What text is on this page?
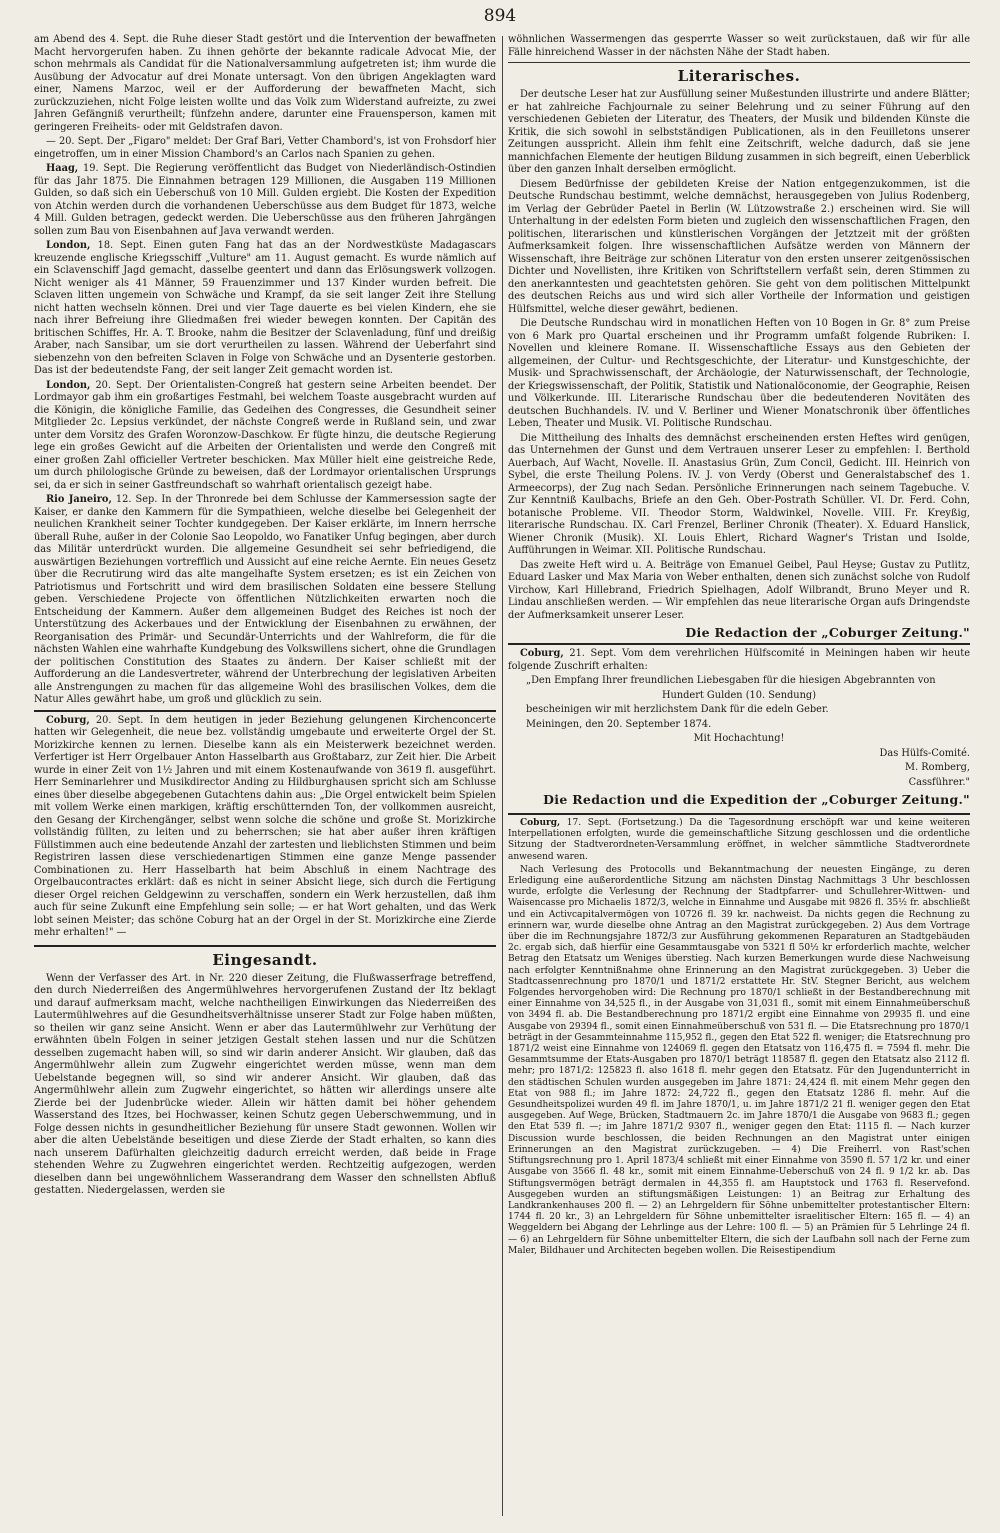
894

am Abend des 4. Sept. die Ruhe dieser Stadt gestört und die Intervention der bewaffneten Macht hervorgerufen haben. Zu ihnen gehörte der bekannte radicale Advocat Mie, der schon mehrmals als Candidat für die Nationalversammlung aufgetreten ist; ihm wurde die Ausübung der Advocatur auf drei Monate untersagt. Von den übrigen Angeklagten ward einer, Namens Marzoc, weil er der Aufforderung der bewaffneten Macht, sich zurückzuziehen, nicht Folge leisten wollte und das Volk zum Widerstand aufreizte, zu zwei Jahren Gefängniß verurtheilt; fünfzehn andere, darunter eine Frauensperson, kamen mit geringeren Freiheits- oder mit Geldstrafen davon.

— 20. Sept. Der „Figaro" meldet: Der Graf Bari, Vetter Chambord's, ist von Frohsdorf hier eingetroffen, um in einer Mission Chambord's an Carlos nach Spanien zu gehen.

Haag, 19. Sept. Die Regierung veröffentlicht das Budget von Niederländisch-Ostindien für das Jahr 1875. Die Einnahmen betragen 129 Millionen, die Ausgaben 119 Millionen Gulden, so daß sich ein Ueberschuß von 10 Mill. Gulden ergiebt. Die Kosten der Expedition von Atchin werden durch die vorhandenen Ueberschüsse aus dem Budget für 1873, welche 4 Mill. Gulden betragen, gedeckt werden. Die Ueberschüsse aus den früheren Jahrgängen sollen zum Bau von Eisenbahnen auf Java verwandt werden.

London, 18. Sept. Einen guten Fang hat das an der Nordwestküste Madagascars kreuzende englische Kriegsschiff „Vulture" am 11. August gemacht. Es wurde nämlich auf ein Sclavenschiff Jagd gemacht, dasselbe geentert und dann das Erlösungswerk vollzogen. Nicht weniger als 41 Männer, 59 Frauenzimmer und 137 Kinder wurden befreit. Die Sclaven litten ungemein von Schwäche und Krampf, da sie seit langer Zeit ihre Stellung nicht hatten wechseln können. Drei und vier Tage dauerte es bei vielen Kindern, ehe sie nach ihrer Befreiung ihre Gliedmaßen frei wieder bewegen konnten. Der Capitän des britischen Schiffes, Hr. A. T. Brooke, nahm die Besitzer der Sclavenladung, fünf und dreißig Araber, nach Sansibar, um sie dort verurtheilen zu lassen. Während der Ueberfahrt sind siebenzehn von den befreiten Sclaven in Folge von Schwäche und an Dysenterie gestorben. Das ist der bedeutendste Fang, der seit langer Zeit gemacht worden ist.

London, 20. Sept. Der Orientalisten-Congreß hat gestern seine Arbeiten beendet. Der Lordmayor gab ihm ein großartiges Festmahl, bei welchem Toaste ausgebracht wurden auf die Königin, die königliche Familie, das Gedeihen des Congresses, die Gesundheit seiner Mitglieder 2c. Lepsius verkündet, der nächste Congreß werde in Rußland sein, und zwar unter dem Vorsitz des Grafen Woronzow-Daschkow. Er fügte hinzu, die deutsche Regierung lege ein großes Gewicht auf die Arbeiten der Orientalisten und werde den Congreß mit einer großen Zahl officieller Vertreter beschicken. Max Müller hielt eine geistreiche Rede, um durch philologische Gründe zu beweisen, daß der Lordmayor orientalischen Ursprungs sei, da er sich in seiner Gastfreundschaft so wahrhaft orientalisch gezeigt habe.

Rio Janeiro, 12. Sep. In der Thronrede bei dem Schlusse der Kammersession sagte der Kaiser, er danke den Kammern für die Sympathieen, welche dieselbe bei Gelegenheit der neulichen Krankheit seiner Tochter kundgegeben. Der Kaiser erklärte, im Innern herrsche überall Ruhe, außer in der Colonie Sao Leopoldo, wo Fanatiker Unfug begingen, aber durch das Militär unterdrückt wurden. Die allgemeine Gesundheit sei sehr befriedigend, die auswärtigen Beziehungen vortrefflich und Aussicht auf eine reiche Aernte. Ein neues Gesetz über die Recrutirung wird das alte mangelhafte System ersetzen; es ist ein Zeichen von Patriotismus und Fortschritt und wird dem brasilischen Soldaten eine bessere Stellung geben. Verschiedene Projecte von öffentlichen Nützlichkeiten erwarten noch die Entscheidung der Kammern. Außer dem allgemeinen Budget des Reiches ist noch der Unterstützung des Ackerbaues und der Entwicklung der Eisenbahnen zu erwähnen, der Reorganisation des Primär- und Secundär-Unterrichts und der Wahlreform, die für die nächsten Wahlen eine wahrhafte Kundgebung des Volkswillens sichert, ohne die Grundlagen der politischen Constitution des Staates zu ändern. Der Kaiser schließt mit der Aufforderung an die Landesvertreter, während der Unterbrechung der legislativen Arbeiten alle Anstrengungen zu machen für das allgemeine Wohl des brasilischen Volkes, dem die Natur Alles gewährt habe, um groß und glücklich zu sein.

Coburg, 20. Sept. In dem heutigen in jeder Beziehung gelungenen Kirchenconcerte hatten wir Gelegenheit, die neue bez. vollständig umgebaute und erweiterte Orgel der St. Morizkirche kennen zu lernen. Dieselbe kann als ein Meisterwerk bezeichnet werden. Verfertiger ist Herr Orgelbauer Anton Hasselbarth aus Großtabarz, zur Zeit hier. Die Arbeit wurde in einer Zeit von 1½ Jahren und mit einem Kostenaufwande von 3619 fl. ausgeführt. Herr Seminarlehrer und Musikdirector Anding zu Hildburghausen spricht sich am Schlusse eines über dieselbe abgegebenen Gutachtens dahin aus: „Die Orgel entwickelt beim Spielen mit vollem Werke einen markigen, kräftig erschütternden Ton, der vollkommen ausreicht, den Gesang der Kirchengänger, selbst wenn solche die schöne und große St. Morizkirche vollständig füllten, zu leiten und zu beherrschen; sie hat aber außer ihren kräftigen Füllstimmen auch eine bedeutende Anzahl der zartesten und lieblichsten Stimmen und beim Registriren lassen diese verschiedenartigen Stimmen eine ganze Menge passender Combinationen zu. Herr Hasselbarth hat beim Abschluß in einem Nachtrage des Orgelbaucontractes erklärt: daß es nicht in seiner Absicht liege, sich durch die Fertigung dieser Orgel reichen Geldgewinn zu verschaffen, sondern ein Werk herzustellen, daß ihm auch für seine Zukunft eine Empfehlung sein solle; — er hat Wort gehalten, und das Werk lobt seinen Meister; das schöne Coburg hat an der Orgel in der St. Morizkirche eine Zierde mehr erhalten!" —

Eingesandt.

Wenn der Verfasser des Art. in Nr. 220 dieser Zeitung, die Flußwasserfrage betreffend, den durch Niederreißen des Angermühlwehres hervorgerufenen Zustand der Itz beklagt und darauf aufmerksam macht, welche nachtheiligen Einwirkungen das Niederreißen des Lautermühlwehres auf die Gesundheitsverhältnisse unserer Stadt zur Folge haben müßten, so theilen wir ganz seine Ansicht. Wenn er aber das Lautermühlwehr zur Verhütung der erwähnten übeln Folgen in seiner jetzigen Gestalt stehen lassen und nur die Schützen desselben zugemacht haben will, so sind wir darin anderer Ansicht. Wir glauben, daß das Angermühlwehr allein zum Zugwehr eingerichtet werden müsse, wenn man dem Uebelstande begegnen will, so sind wir anderer Ansicht. Wir glauben, daß das Angermühlwehr allein zum Zugwehr eingerichtet, so hätten wir allerdings unsere alte Zierde bei der Judenbrücke wieder. Allein wir hätten damit bei höher gehendem Wasserstand des Itzes, bei Hochwasser, keinen Schutz gegen Ueberschwemmung, und in Folge dessen nichts in gesundheitlicher Beziehung für unsere Stadt gewonnen. Wollen wir aber die alten Uebelstände beseitigen und diese Zierde der Stadt erhalten, so kann dies nach unserem Dafürhalten gleichzeitig dadurch erreicht werden, daß beide in Frage stehenden Wehre zu Zugwehren eingerichtet werden. Rechtzeitig aufgezogen, werden dieselben dann bei ungewöhnlichem Wasserandrang dem Wasser den schnellsten Abfluß gestatten. Niedergelassen, werden sie

wöhnlichen Wassermengen das gesperrte Wasser so weit zurückstauen, daß wir für alle Fälle hinreichend Wasser in der nächsten Nähe der Stadt haben.

Literarisches.

Der deutsche Leser hat zur Ausfüllung seiner Mußestunden illustrirte und andere Blätter; er hat zahlreiche Fachjournale zu seiner Belehrung und zu seiner Führung auf den verschiedenen Gebieten der Literatur, des Theaters, der Musik und bildenden Künste die Kritik, die sich sowohl in selbstständigen Publicationen, als in den Feuilletons unserer Zeitungen ausspricht. Allein ihm fehlt eine Zeitschrift, welche dadurch, daß sie jene mannichfachen Elemente der heutigen Bildung zusammen in sich begreift, einen Ueberblick über den ganzen Inhalt derselben ermöglicht.

Diesem Bedürfnisse der gebildeten Kreise der Nation entgegenzukommen, ist die Deutsche Rundschau bestimmt, welche demnächst, herausgegeben von Julius Rodenberg, im Verlag der Gebrüder Paetel in Berlin (W. Lützowstraße 2.) erscheinen wird. Sie will Unterhaltung in der edelsten Form bieten und zugleich den wissenschaftlichen Fragen, den politischen, literarischen und künstlerischen Vorgängen der Jetztzeit mit der größten Aufmerksamkeit folgen. Ihre wissenschaftlichen Aufsätze werden von Männern der Wissenschaft, ihre Beiträge zur schönen Literatur von den ersten unserer zeitgenössischen Dichter und Novellisten, ihre Kritiken von Schriftstellern verfaßt sein, deren Stimmen zu den anerkanntesten und geachtetsten gehören. Sie geht von dem politischen Mittelpunkt des deutschen Reichs aus und wird sich aller Vortheile der Information und geistigen Hülfsmittel, welche dieser gewährt, bedienen.

Die Deutsche Rundschau wird in monatlichen Heften von 10 Bogen in Gr. 8° zum Preise von 6 Mark pro Quartal erscheinen und ihr Programm umfaßt folgende Rubriken: I. Novellen und kleinere Romane. II. Wissenschaftliche Essays aus den Gebieten der allgemeinen, der Cultur- und Rechtsgeschichte, der Literatur- und Kunstgeschichte, der Musik- und Sprachwissenschaft, der Archäologie, der Naturwissenschaft, der Technologie, der Kriegswissenschaft, der Politik, Statistik und Nationalöconomie, der Geographie, Reisen und Völkerkunde. III. Literarische Rundschau über die bedeutenderen Novitäten des deutschen Buchhandels. IV. und V. Berliner und Wiener Monatschronik über öffentliches Leben, Theater und Musik. VI. Politische Rundschau.

Die Mittheilung des Inhalts des demnächst erscheinenden ersten Heftes wird genügen, das Unternehmen der Gunst und dem Vertrauen unserer Leser zu empfehlen: I. Berthold Auerbach, Auf Wacht, Novelle. II. Anastasius Grün, Zum Concil, Gedicht. III. Heinrich von Sybel, die erste Theilung Polens. IV. J. von Verdy (Oberst und Generalstabschef des 1. Armeecorps), der Zug nach Sedan. Persönliche Erinnerungen nach seinem Tagebuche. V. Zur Kenntniß Kaulbachs, Briefe an den Geh. Ober-Postrath Schüller. VI. Dr. Ferd. Cohn, botanische Probleme. VII. Theodor Storm, Waldwinkel, Novelle. VIII. Fr. Kreyßig, literarische Rundschau. IX. Carl Frenzel, Berliner Chronik (Theater). X. Eduard Hanslick, Wiener Chronik (Musik). XI. Louis Ehlert, Richard Wagner's Tristan und Isolde, Aufführungen in Weimar. XII. Politische Rundschau.

Das zweite Heft wird u. A. Beiträge von Emanuel Geibel, Paul Heyse; Gustav zu Putlitz, Eduard Lasker und Max Maria von Weber enthalten, denen sich zunächst solche von Rudolf Virchow, Karl Hillebrand, Friedrich Spielhagen, Adolf Wilbrandt, Bruno Meyer und R. Lindau anschließen werden. — Wir empfehlen das neue literarische Organ aufs Dringendste der Aufmerksamkeit unserer Leser.

Die Redaction der „Coburger Zeitung."

Coburg, 21. Sept. Vom dem verehrlichen Hülfscomité in Meiningen haben wir heute folgende Zuschrift erhalten:

„Den Empfang Ihrer freundlichen Liebesgaben für die hiesigen Abgebrannten von

Hundert Gulden (10. Sendung)

bescheinigen wir mit herzlichstem Dank für die edeln Geber.

Meiningen, den 20. September 1874.

Mit Hochachtung!

Das Hülfs-Comité.

M. Romberg,

Cassführer."

Die Redaction und die Expedition der „Coburger Zeitung."

Coburg, 17. Sept. (Fortsetzung.) Da die Tagesordnung erschöpft war und keine weiteren Interpellationen erfolgten, wurde die gemeinschaftliche Sitzung geschlossen und die ordentliche Sitzung der Stadtverordneten-Versammlung eröffnet, in welcher sämmtliche Stadtverordnete anwesend waren.

Nach Verlesung des Protocolls und Bekanntmachung der neuesten Eingänge, zu deren Erledigung eine außerordentliche Sitzung am nächsten Dinstag Nachmittags 3 Uhr beschlossen wurde, erfolgte die Verlesung der Rechnung der Stadtpfarrer- und Schullehrer-Wittwen- und Waisencasse pro Michaelis 1872/3, welche in Einnahme und Ausgabe mit 9826 fl. 35½ fr. abschließt und ein Activcapitalvermögen von 10726 fl. 39 kr. nachweist. Da nichts gegen die Rechnung zu erinnern war, wurde dieselbe ohne Antrag an den Magistrat zurückgegeben. 2) Aus dem Vortrage über die im Rechnungsjahre 1872/3 zur Ausführung gekommenen Reparaturen an Stadtgebäuden 2c. ergab sich, daß hierfür eine Gesammtausgabe von 5321 fl 50½ kr erforderlich machte, welcher Betrag den Etatsatz um Weniges überstieg. Nach kurzen Bemerkungen wurde diese Nachweisung nach erfolgter Kenntnißnahme ohne Erinnerung an den Magistrat zurückgegeben. 3) Ueber die Stadtcassenrechnung pro 1870/1 und 1871/2 erstattete Hr. StV. Stegner Bericht, aus welchem Folgendes hervorgehoben wird: Die Rechnung pro 1870/1 schließt in der Bestandberechnung mit einer Einnahme von 34,525 fl., in der Ausgabe von 31,031 fl., somit mit einem Einnahmeüberschuß von 3494 fl. ab. Die Bestandberechnung pro 1871/2 ergibt eine Einnahme von 29935 fl. und eine Ausgabe von 29394 fl., somit einen Einnahmeüberschuß von 531 fl. — Die Etatsrechnung pro 1870/1 beträgt in der Gesammteinnahme 115,952 fl., gegen den Etat 522 fl. weniger; die Etatsrechnung pro 1871/2 weist eine Einnahme von 124069 fl. gegen den Etatsatz von 116,475 fl. = 7594 fl. mehr. Die Gesammtsumme der Etats-Ausgaben pro 1870/1 beträgt 118587 fl. gegen den Etatsatz also 2112 fl. mehr; pro 1871/2: 125823 fl. also 1618 fl. mehr gegen den Etatsatz. Für den Jugendunterricht in den städtischen Schulen wurden ausgegeben im Jahre 1871: 24,424 fl. mit einem Mehr gegen den Etat von 988 fl.; im Jahre 1872: 24,722 fl., gegen den Etatsatz 1286 fl. mehr. Auf die Gesundheitspolizei wurden 49 fl. im Jahre 1870/1, u. im Jahre 1871/2 21 fl. weniger gegen den Etat ausgegeben. Auf Wege, Brücken, Stadtmauern 2c. im Jahre 1870/1 die Ausgabe von 9683 fl.; gegen den Etat 539 fl. —; im Jahre 1871/2 9307 fl., weniger gegen den Etat: 1115 fl. — Nach kurzer Discussion wurde beschlossen, die beiden Rechnungen an den Magistrat unter einigen Erinnerungen an den Magistrat zurückzugeben. — 4) Die Freiherrl. von Rast'schen Stiftungsrechnung pro 1. April 1873/4 schließt mit einer Einnahme von 3590 fl. 57 1/2 kr. und einer Ausgabe von 3566 fl. 48 kr., somit mit einem Einnahme-Ueberschuß von 24 fl. 9 1/2 kr. ab. Das Stiftungsvermögen beträgt dermalen in 44,355 fl. am Hauptstock und 1763 fl. Reservefond. Ausgegeben wurden an stiftungsmäßigen Leistungen: 1) an Beitrag zur Erhaltung des Landkrankenhauses 200 fl. — 2) an Lehrgeldern für Söhne unbemittelter protestantischer Eltern: 1744 fl. 20 kr., 3) an Lehrgeldern für Söhne unbemittelter israelitischer Eltern: 165 fl. — 4) an Weggeldern bei Abgang der Lehrlinge aus der Lehre: 100 fl. — 5) an Prämien für 5 Lehrlinge 24 fl. — 6) an Lehrgeldern für Söhne unbemittelter Eltern, die sich der Laufbahn soll nach der Ferne zum Maler, Bildhauer und Architecten begeben wollen. Die Reisestipendium
